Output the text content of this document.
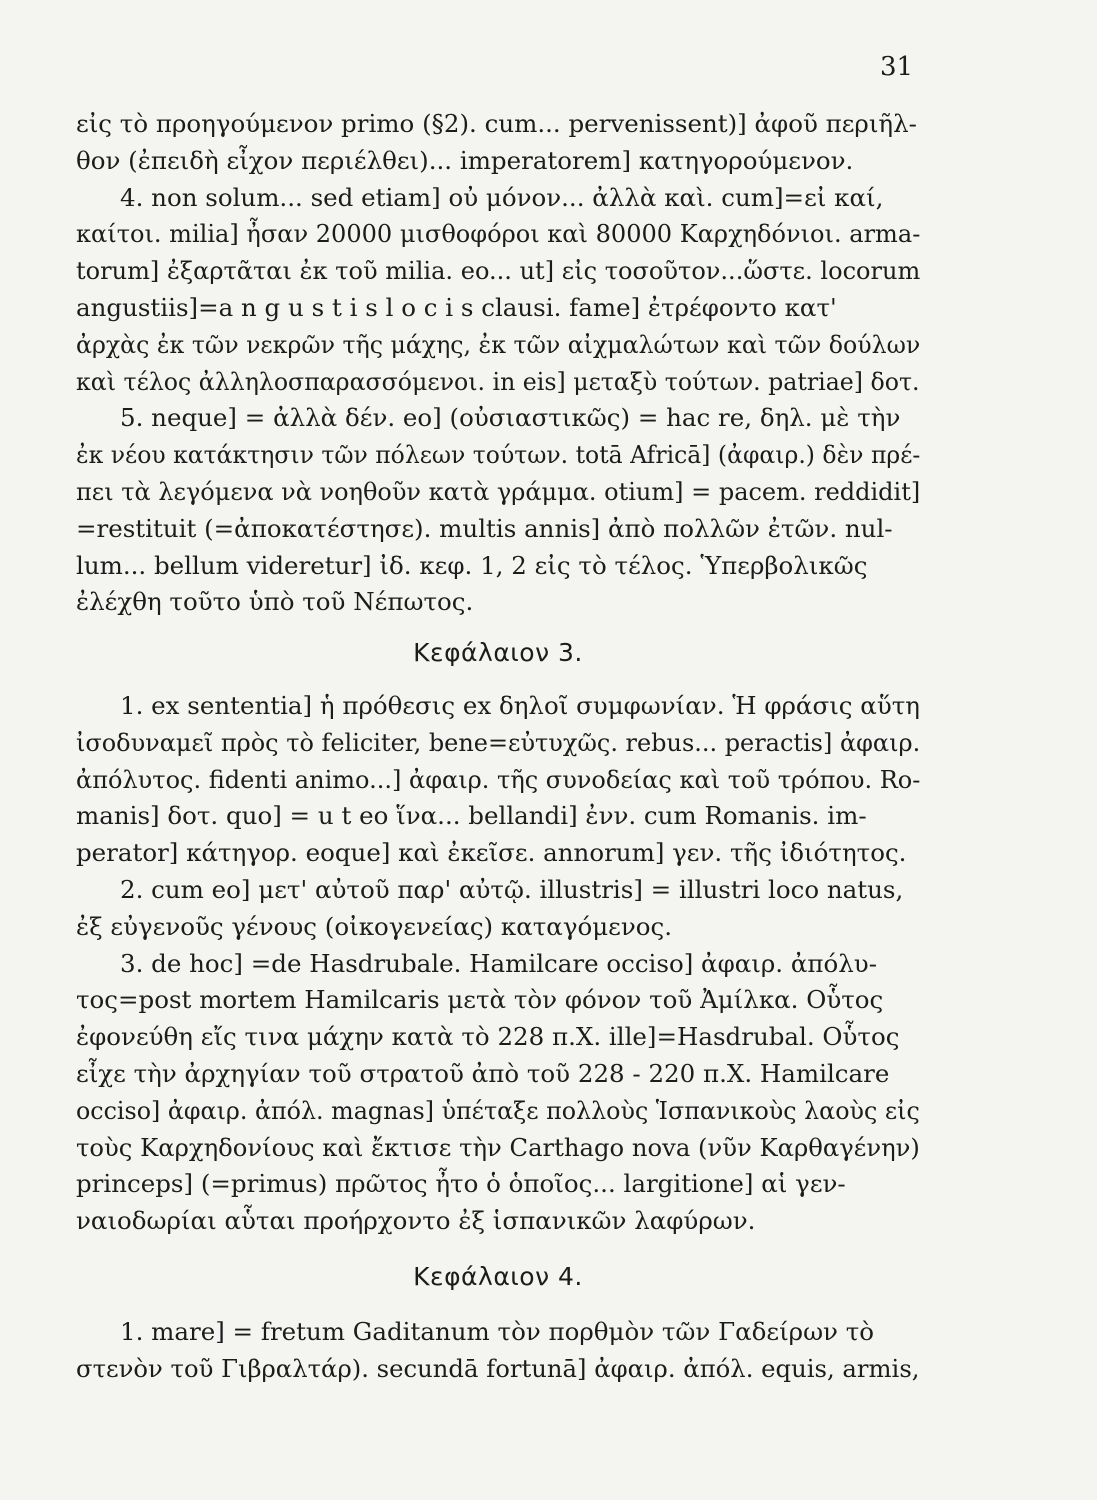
31
εἰς τὸ προηγούμενον primo (§2). cum... pervenissent)] ἀφοῦ περιῆλ-
θον (ἐπειδὴ εἶχον περιέλθει)... imperatorem] κατηγορούμενον.
4. non solum... sed etiam] οὐ μόνον... ἀλλὰ καὶ. cum]=εἰ καί,
καίτοι. milia] ἦσαν 20000 μισθοφόροι καὶ 80000 Καρχηδόνιοι. arma-
torum] ἐξαρτᾶται ἐκ τοῦ milia. eo... ut] εἰς τοσοῦτον...ὥστε. locorum
angustiis]=a n g u s t i s l o c i s clausi. fame] ἐτρέφοντο κατ'
ἀρχὰς ἐκ τῶν νεκρῶν τῆς μάχης, ἐκ τῶν αἰχμαλώτων καὶ τῶν δούλων
καὶ τέλος ἀλληλοσπαρασσόμενοι. in eis] μεταξὺ τούτων. patriae] δοτ.
5. neque] = ἀλλὰ δέν. eo] (οὐσιαστικῶς) = hac re, δηλ. μὲ τὴν
ἐκ νέου κατάκτησιν τῶν πόλεων τούτων. totā Africā] (ἀφαιρ.) δὲν πρέ-
πει τὰ λεγόμενα νὰ νοηθοῦν κατὰ γράμμα. otium] = pacem. reddidit]
=restituit (=ἀποκατέστησε). multis annis] ἀπὸ πολλῶν ἐτῶν. nul-
lum... bellum videretur] ἰδ. κεφ. 1, 2 εἰς τὸ τέλος. Ὑπερβολικῶς
ἐλέχθη τοῦτο ὑπὸ τοῦ Νέπωτος.
Κεφάλαιον 3.
1. ex sententia] ἡ πρόθεσις ex δηλοῖ συμφωνίαν. Ἡ φράσις αὕτη
ἰσοδυναμεῖ πρὸς τὸ feliciter, bene=εὐτυχῶς. rebus... peractis] ἀφαιρ.
ἀπόλυτος. fidenti animo...] ἀφαιρ. τῆς συνοδείας καὶ τοῦ τρόπου. Ro-
manis] δοτ. quo] = u t eo ἵνα... bellandi] ἐνν. cum Romanis. im-
perator] κάτηγορ. eoque] καὶ ἐκεῖσε. annorum] γεν. τῆς ἰδιότητος.
2. cum eo] μετ' αὐτοῦ παρ' αὐτῷ. illustris] = illustri loco natus,
ἐξ εὐγενοῦς γένους (οἰκογενείας) καταγόμενος.
3. de hoc] =de Hasdrubale. Hamilcare occiso] ἀφαιρ. ἀπόλυ-
τος=post mortem Hamilcaris μετὰ τὸν φόνον τοῦ Ἀμίλκα. Οὗτος
ἐφονεύθη εἴς τινα μάχην κατὰ τὸ 228 π.Χ. ille]=Hasdrubal. Οὗτος
εἶχε τὴν ἀρχηγίαν τοῦ στρατοῦ ἀπὸ τοῦ 228 - 220 π.Χ. Hamilcare
occiso] ἀφαιρ. ἀπόλ. magnas] ὑπέταξε πολλοὺς Ἱσπανικοὺς λαοὺς εἰς
τοὺς Καρχηδονίους καὶ ἔκτισε τὴν Carthago nova (νῦν Καρθαγένην)
princeps] (=primus) πρῶτος ἦτο ὁ ὁποῖος... largitione] αἱ γεν-
ναιοδωρίαι αὗται προήρχοντο ἐξ ἱσπανικῶν λαφύρων.
Κεφάλαιον 4.
1. mare] = fretum Gaditanum τὸν πορθμὸν τῶν Γαδείρων τὸ
στενὸν τοῦ Γιβραλτάρ). secundā fortunā] ἀφαιρ. ἀπόλ. equis, armis,
